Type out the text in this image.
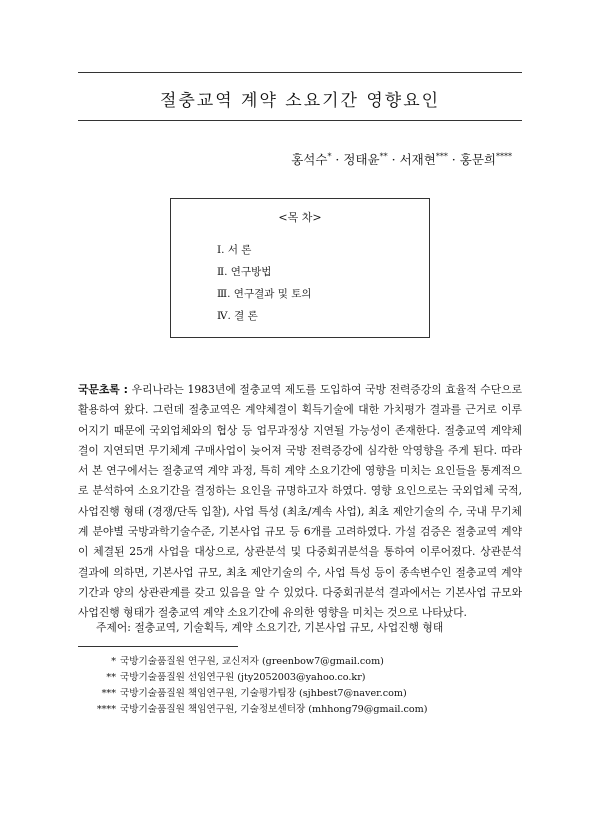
절충교역 계약 소요기간 영향요인
홍석수* · 정태윤** · 서재현*** · 홍문희****
<목 차>
Ⅰ. 서 론
Ⅱ. 연구방법
Ⅲ. 연구결과 및 토의
Ⅳ. 결 론

국문초록 : 우리나라는 1983년에 절충교역 제도를 도입하여 국방 전력증강의 효율적 수단으로 활용하여 왔다. 그런데 절충교역은 계약체결이 획득기술에 대한 가치평가 결과를 근거로 이루어지기 때문에 국외업체와의 협상 등 업무과정상 지연될 가능성이 존재한다. 절충교역 계약체결이 지연되면 무기체계 구매사업이 늦어져 국방 전력증강에 심각한 악영향을 주게 된다. 따라서 본 연구에서는 절충교역 계약 과정, 특히 계약 소요기간에 영향을 미치는 요인들을 통계적으로 분석하여 소요기간을 결정하는 요인을 규명하고자 하였다. 영향 요인으로는 국외업체 국적, 사업진행 형태 (경쟁/단독 입찰), 사업 특성 (최초/계속 사업), 최초 제안기술의 수, 국내 무기체계 분야별 국방과학기술수준, 기본사업 규모 등 6개를 고려하였다. 가설 검증은 절충교역 계약이 체결된 25개 사업을 대상으로, 상관분석 및 다중회귀분석을 통하여 이루어졌다. 상관분석 결과에 의하면, 기본사업 규모, 최초 제안기술의 수, 사업 특성 등이 종속변수인 절충교역 계약 기간과 양의 상관관계를 갖고 있음을 알 수 있었다. 다중회귀분석 결과에서는 기본사업 규모와 사업진행 형태가 절충교역 계약 소요기간에 유의한 영향을 미치는 것으로 나타났다.

주제어: 절충교역, 기술획득, 계약 소요기간, 기본사업 규모, 사업진행 형태
* 국방기술품질원 연구원, 교신저자 (greenbow7@gmail.com)
** 국방기술품질원 선임연구원 (jty2052003@yahoo.co.kr)
*** 국방기술품질원 책임연구원, 기술평가팀장 (sjhbest7@naver.com)
**** 국방기술품질원 책임연구원, 기술정보센터장 (mhhong79@gmail.com)
